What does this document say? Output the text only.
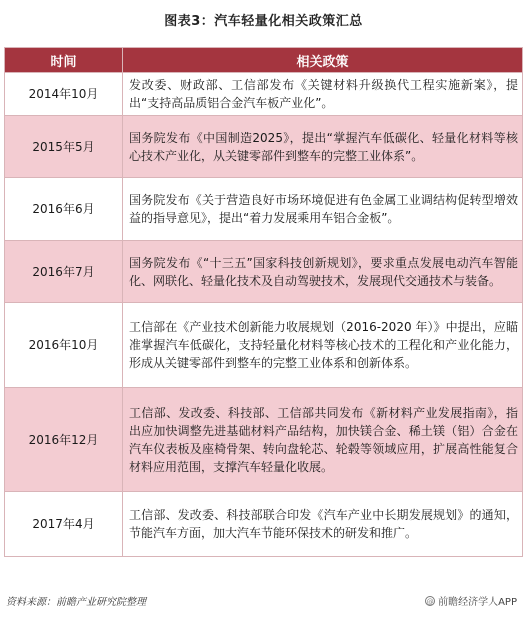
图表3：汽车轻量化相关政策汇总
时间	相关政策
2014年10月	发改委、财政部、工信部发布《关键材料升级换代工程实施新案》，提出“支持高品质铝合金汽车板产业化”。
2015年5月	国务院发布《中国制造2025》，提出“掌握汽车低碳化、轻量化材料等核心技术产业化，从关键零部件到整车的完整工业体系”。
2016年6月	国务院发布《关于营造良好市场环境促进有色金属工业调结构促转型增效益的指导意见》，提出“着力发展乘用车铝合金板”。
2016年7月	国务院发布《“十三五”国家科技创新规划》，要求重点发展电动汽车智能化、网联化、轻量化技术及自动驾驶技术，发展现代交通技术与装备。
2016年10月	工信部在《产业技术创新能力收展规划（2016-2020 年）》中提出，应瞄准掌握汽车低碳化，支持轻量化材料等核心技术的工程化和产业化能力，形成从关键零部件到整车的完整工业体系和创新体系。
2016年12月	工信部、发改委、科技部、工信部共同发布《新材料产业发展指南》，指出应加快调整先进基础材料产品结构，加快镁合金、稀土镁（铝）合金在汽车仪表板及座椅骨架、转向盘轮芯、轮毂等领域应用，扩展高性能复合材料应用范围，支撑汽车轻量化收展。
2017年4月	工信部、发改委、科技部联合印发《汽车产业中长期发展规划》的通知，节能汽车方面，加大汽车节能环保技术的研发和推广。
资料来源：前瞻产业研究院整理	@ 前瞻经济学人APP
